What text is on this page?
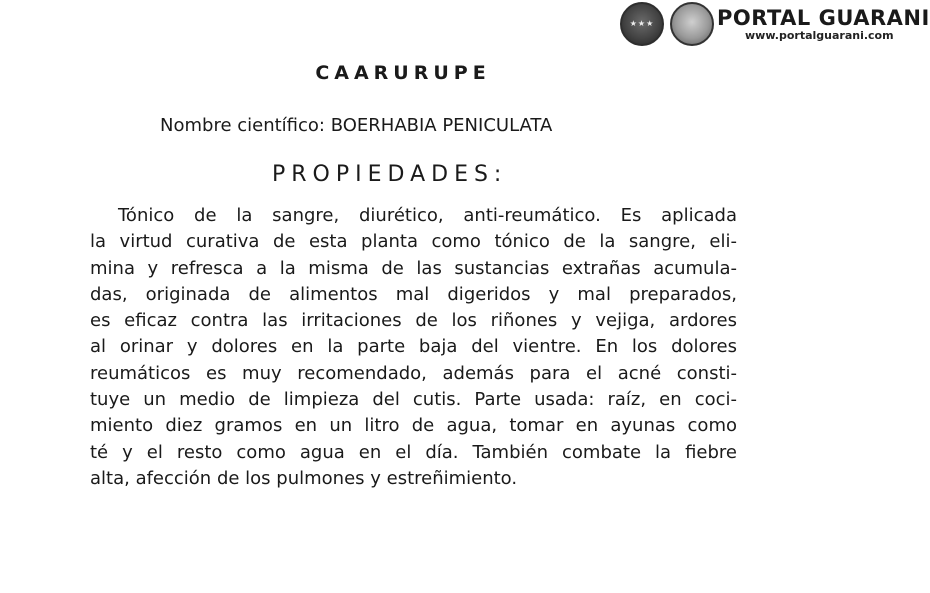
★★★	PORTAL GUARANI
www.portalguarani.com
CAARURUPE
Nombre científico: BOERHABIA PENICULATA
PROPIEDADES:
Tónico de la sangre, diurético, anti-reumático. Es aplicada
la virtud curativa de esta planta como tónico de la sangre, eli-
mina y refresca a la misma de las sustancias extrañas acumula-
das, originada de alimentos mal digeridos y mal preparados,
es eficaz contra las irritaciones de los riñones y vejiga, ardores
al orinar y dolores en la parte baja del vientre. En los dolores
reumáticos es muy recomendado, además para el acné consti-
tuye un medio de limpieza del cutis. Parte usada: raíz, en coci-
miento diez gramos en un litro de agua, tomar en ayunas como
té y el resto como agua en el día. También combate la fiebre
alta, afección de los pulmones y estreñimiento.
